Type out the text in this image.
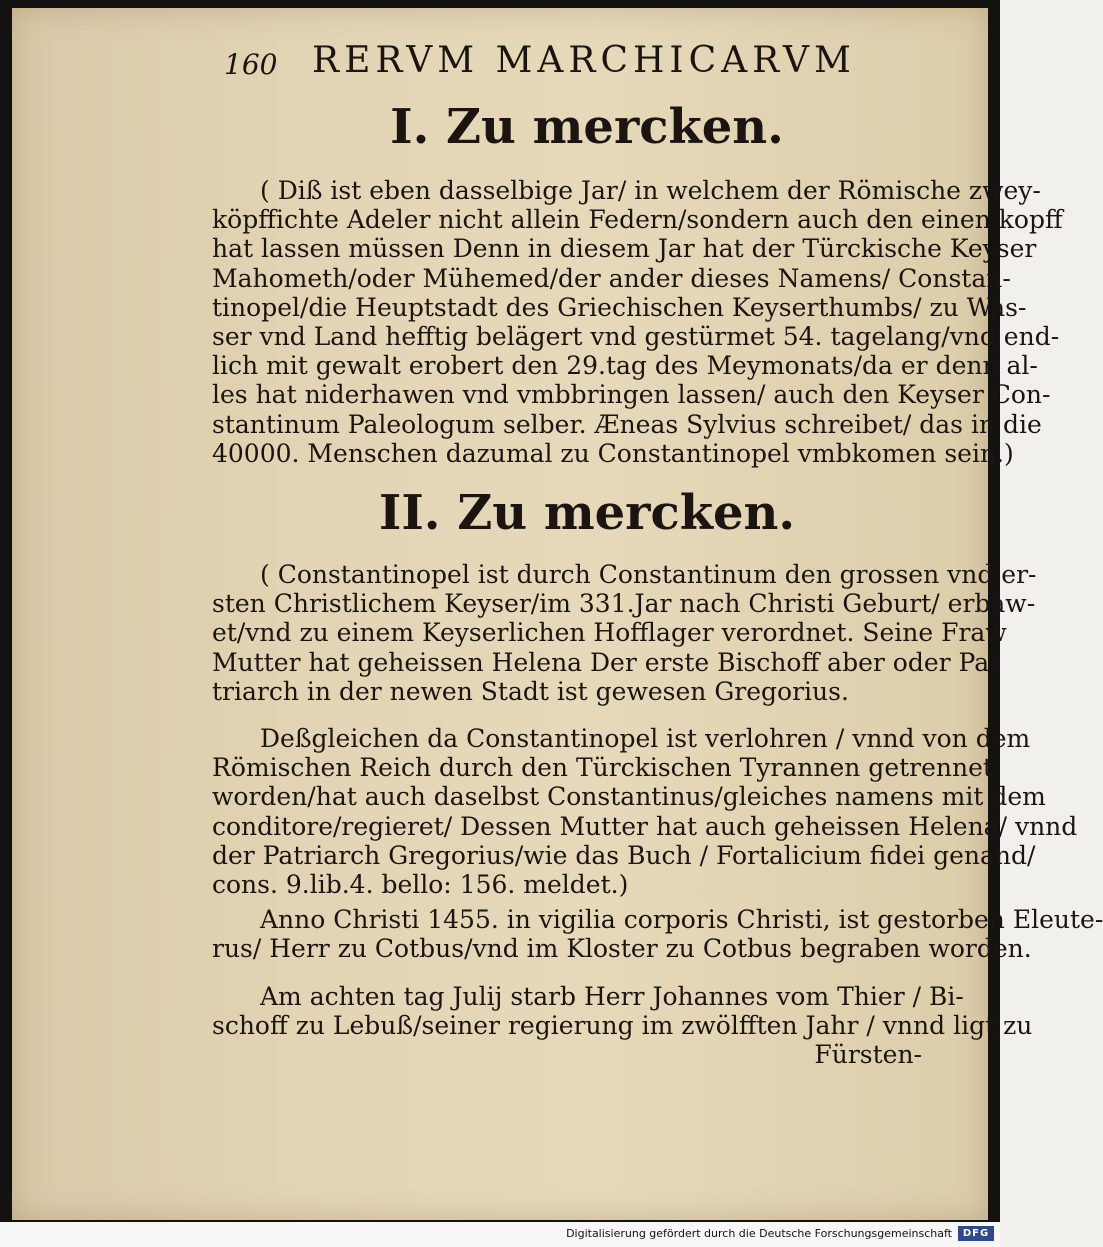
160 RERVM MARCHICARVM
I. Zu mercken.
( Diß ist eben dasselbige Jar/ in welchem der Römische zwey-
köpffichte Adeler nicht allein Federn/sondern auch den einen kopff
hat lassen müssen Denn in diesem Jar hat der Türckische Keyser
Mahometh/oder Mühemed/der ander dieses Namens/ Constan-
tinopel/die Heuptstadt des Griechischen Keyserthumbs/ zu Was-
ser vnd Land hefftig belägert vnd gestürmet 54. tagelang/vnd end-
lich mit gewalt erobert den 29.tag des Meymonats/da er denn al-
les hat niderhawen vnd vmbbringen lassen/ auch den Keyser Con-
stantinum Paleologum selber. Æneas Sylvius schreibet/ das in die
40000. Menschen dazumal zu Constantinopel vmbkomen sein.)
II. Zu mercken.
( Constantinopel ist durch Constantinum den grossen vnd er-
sten Christlichem Keyser/im 331.Jar nach Christi Geburt/ erbaw-
et/vnd zu einem Keyserlichen Hofflager verordnet. Seine Fraw
Mutter hat geheissen Helena Der erste Bischoff aber oder Pa-
triarch in der newen Stadt ist gewesen Gregorius.
Deßgleichen da Constantinopel ist verlohren / vnnd von dem
Römischen Reich durch den Türckischen Tyrannen getrennet
worden/hat auch daselbst Constantinus/gleiches namens mit dem
conditore/regieret/ Dessen Mutter hat auch geheissen Helena/ vnnd
der Patriarch Gregorius/wie das Buch / Fortalicium fidei genand/
cons. 9.lib.4. bello: 156. meldet.)
Anno Christi 1455. in vigilia corporis Christi, ist gestorben Eleute-
rus/ Herr zu Cotbus/vnd im Kloster zu Cotbus begraben worden.
Am achten tag Julij starb Herr Johannes vom Thier / Bi-
schoff zu Lebuß/seiner regierung im zwölfften Jahr / vnnd ligt zu
Fürsten-
Digitalisierung gefördert durch die Deutsche Forschungsgemeinschaft	DFG
